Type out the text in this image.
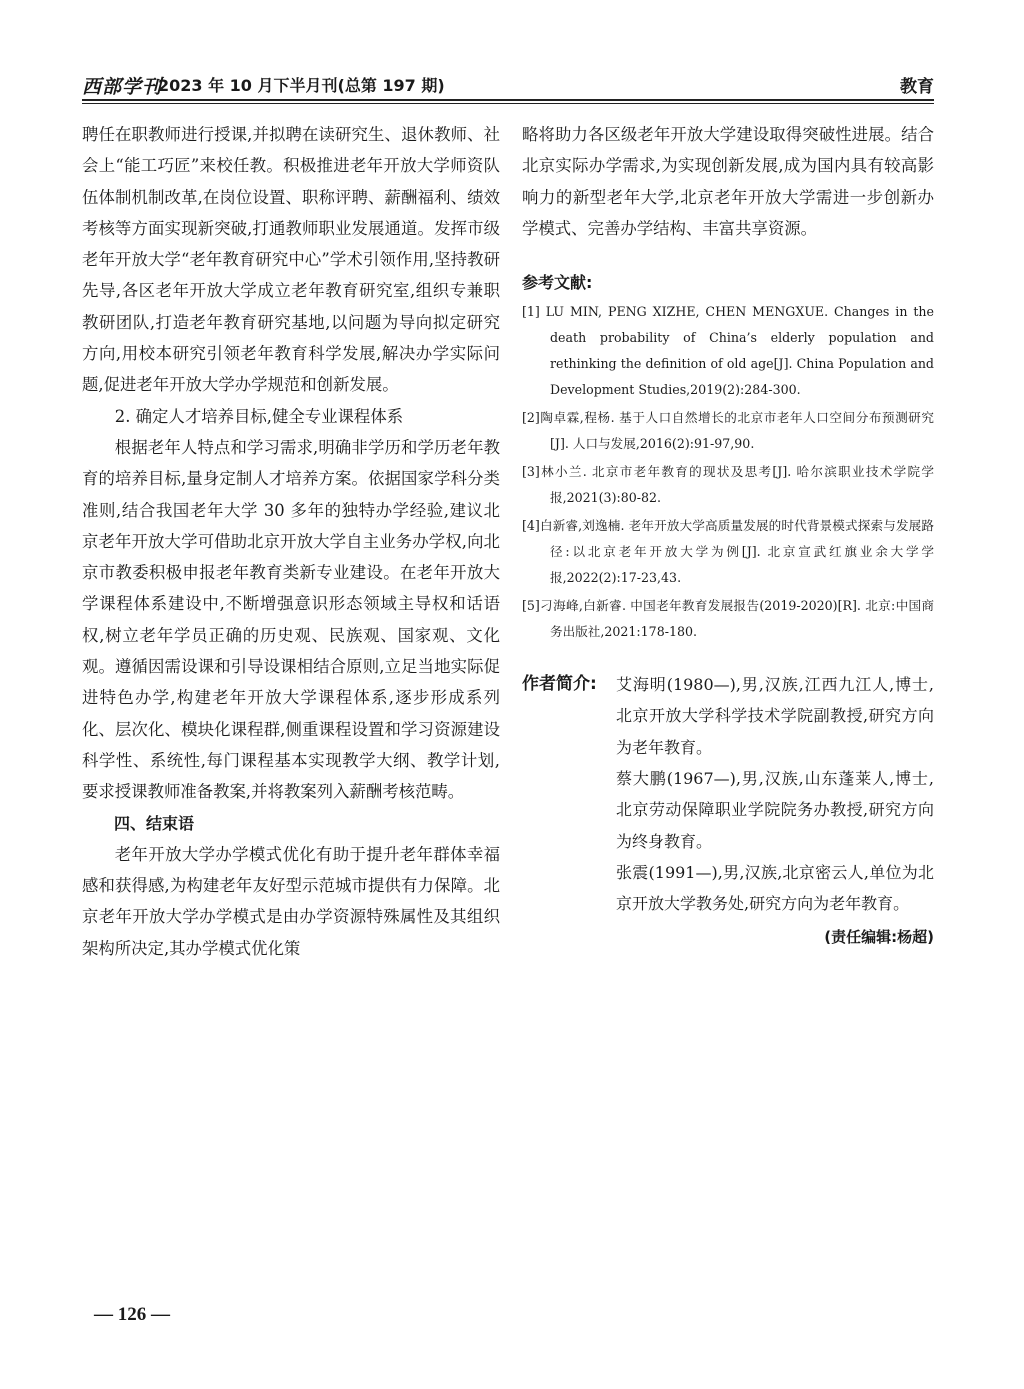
西部学刊
2023 年 10 月下半月刊(总第 197 期)	教育

聘任在职教师进行授课,并拟聘在读研究生、退休教师、社会上“能工巧匠”来校任教。积极推进老年开放大学师资队伍体制机制改革,在岗位设置、职称评聘、薪酬福利、绩效考核等方面实现新突破,打通教师职业发展通道。发挥市级老年开放大学“老年教育研究中心”学术引领作用,坚持教研先导,各区老年开放大学成立老年教育研究室,组织专兼职教研团队,打造老年教育研究基地,以问题为导向拟定研究方向,用校本研究引领老年教育科学发展,解决办学实际问题,促进老年开放大学办学规范和创新发展。

2. 确定人才培养目标,健全专业课程体系

根据老年人特点和学习需求,明确非学历和学历老年教育的培养目标,量身定制人才培养方案。依据国家学科分类准则,结合我国老年大学 30 多年的独特办学经验,建议北京老年开放大学可借助北京开放大学自主业务办学权,向北京市教委积极申报老年教育类新专业建设。在老年开放大学课程体系建设中,不断增强意识形态领域主导权和话语权,树立老年学员正确的历史观、民族观、国家观、文化观。遵循因需设课和引导设课相结合原则,立足当地实际促进特色办学,构建老年开放大学课程体系,逐步形成系列化、层次化、模块化课程群,侧重课程设置和学习资源建设科学性、系统性,每门课程基本实现教学大纲、教学计划,要求授课教师准备教案,并将教案列入薪酬考核范畴。

四、结束语

老年开放大学办学模式优化有助于提升老年群体幸福感和获得感,为构建老年友好型示范城市提供有力保障。北京老年开放大学办学模式是由办学资源特殊属性及其组织架构所决定,其办学模式优化策

略将助力各区级老年开放大学建设取得突破性进展。结合北京实际办学需求,为实现创新发展,成为国内具有较高影响力的新型老年大学,北京老年开放大学需进一步创新办学模式、完善办学结构、丰富共享资源。

参考文献:

[1] LU MIN, PENG XIZHE, CHEN MENGXUE. Changes in the death probability of China’s elderly population and rethinking the definition of old age[J]. China Population and Development Studies,2019(2):284-300.

[2]陶卓霖,程杨. 基于人口自然增长的北京市老年人口空间分布预测研究[J]. 人口与发展,2016(2):91-97,90.

[3]林小兰. 北京市老年教育的现状及思考[J]. 哈尔滨职业技术学院学报,2021(3):80-82.

[4]白新睿,刘逸楠. 老年开放大学高质量发展的时代背景模式探索与发展路径:以北京老年开放大学为例[J]. 北京宣武红旗业余大学学报,2022(2):17-23,43.

[5]刁海峰,白新睿. 中国老年教育发展报告(2019-2020)[R]. 北京:中国商务出版社,2021:178-180.

作者简介: 艾海明(1980—),男,汉族,江西九江人,博士,北京开放大学科学技术学院副教授,研究方向为老年教育。

蔡大鹏(1967—),男,汉族,山东蓬莱人,博士,北京劳动保障职业学院院务办教授,研究方向为终身教育。

张震(1991—),男,汉族,北京密云人,单位为北京开放大学教务处,研究方向为老年教育。

(责任编辑:杨超)
— 126 —
